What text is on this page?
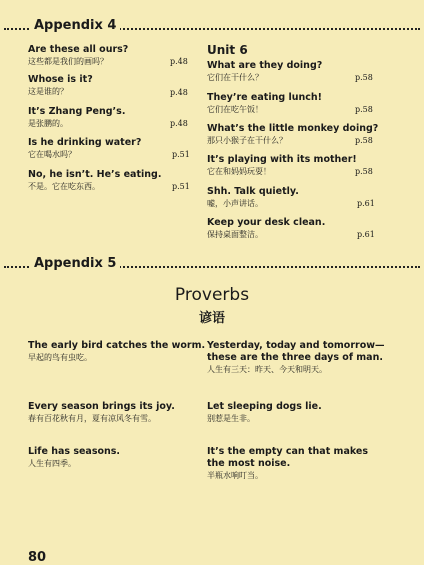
Appendix 4
Are these all ours?
这些都是我们的画吗？	p.48
Whose is it?
这是谁的？	p.48
It’s Zhang Peng’s.
是张鹏的。	p.48
Is he drinking water?
它在喝水吗？	p.51
No, he isn’t. He’s eating.
不是。它在吃东西。	p.51
Unit 6
What are they doing?
它们在干什么？	p.58
They’re eating lunch!
它们在吃午饭！	p.58
What’s the little monkey doing?
那只小猴子在干什么？	p.58
It’s playing with its mother!
它在和妈妈玩耍！	p.58
Shh. Talk quietly.
嘘，小声讲话。	p.61
Keep your desk clean.
保持桌面整洁。	p.61
Appendix 5
Proverbs
谚语
The early bird catches the worm.
早起的鸟有虫吃。
Every season brings its joy.
春有百花秋有月，夏有凉风冬有雪。
Life has seasons.
人生有四季。
Yesterday, today and tomorrow—these are the three days of man.
人生有三天：昨天、今天和明天。
Let sleeping dogs lie.
别惹是生非。
It’s the empty can that makes the most noise.
半瓶水响叮当。
80
